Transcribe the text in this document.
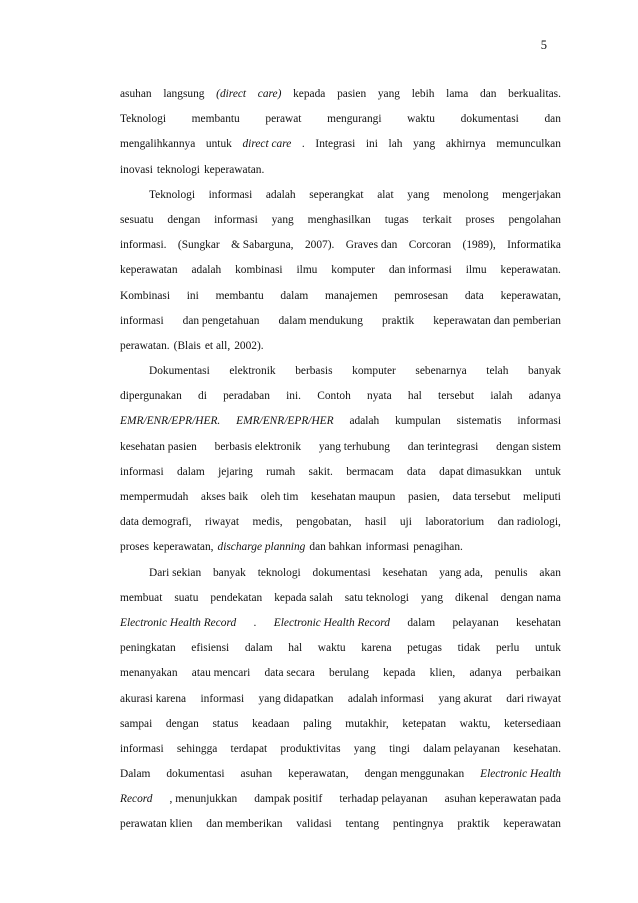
5
asuhan langsung (direct care) kepada pasien yang lebih lama dan berkualitas.
Teknologi membantu perawat mengurangi waktu dokumentasi dan
mengalihkannya untuk direct care . Integrasi ini lah yang akhirnya memunculkan
inovasi teknologi keperawatan.
Teknologi informasi adalah seperangkat alat yang menolong mengerjakan
sesuatu dengan informasi yang menghasilkan tugas terkait proses pengolahan
informasi. (Sungkar & Sabarguna, 2007). Graves dan Corcoran (1989), Informatika
keperawatan adalah kombinasi ilmu komputer dan informasi ilmu keperawatan.
Kombinasi ini membantu dalam manajemen pemrosesan data keperawatan,
informasi dan pengetahuan dalam mendukung praktik keperawatan dan pemberian
perawatan. (Blais et all, 2002).
Dokumentasi elektronik berbasis komputer sebenarnya telah banyak
dipergunakan di peradaban ini. Contoh nyata hal tersebut ialah adanya
EMR/ENR/EPR/HER. EMR/ENR/EPR/HER adalah kumpulan sistematis informasi
kesehatan pasien berbasis elektronik yang terhubung dan terintegrasi dengan sistem
informasi dalam jejaring rumah sakit. bermacam data dapat dimasukkan untuk
mempermudah akses baik oleh tim kesehatan maupun pasien, data tersebut meliputi
data demografi, riwayat medis, pengobatan, hasil uji laboratorium dan radiologi,
proses keperawatan, discharge planning dan bahkan informasi penagihan.
Dari sekian banyak teknologi dokumentasi kesehatan yang ada, penulis akan
membuat suatu pendekatan kepada salah satu teknologi yang dikenal dengan nama
Electronic Health Record . Electronic Health Record dalam pelayanan kesehatan
peningkatan efisiensi dalam hal waktu karena petugas tidak perlu untuk
menanyakan atau mencari data secara berulang kepada klien, adanya perbaikan
akurasi karena informasi yang didapatkan adalah informasi yang akurat dari riwayat
sampai dengan status keadaan paling mutakhir, ketepatan waktu, ketersediaan
informasi sehingga terdapat produktivitas yang tingi dalam pelayanan kesehatan.
Dalam dokumentasi asuhan keperawatan, dengan menggunakan Electronic Health
Record , menunjukkan dampak positif terhadap pelayanan asuhan keperawatan pada
perawatan klien dan memberikan validasi tentang pentingnya praktik keperawatan
